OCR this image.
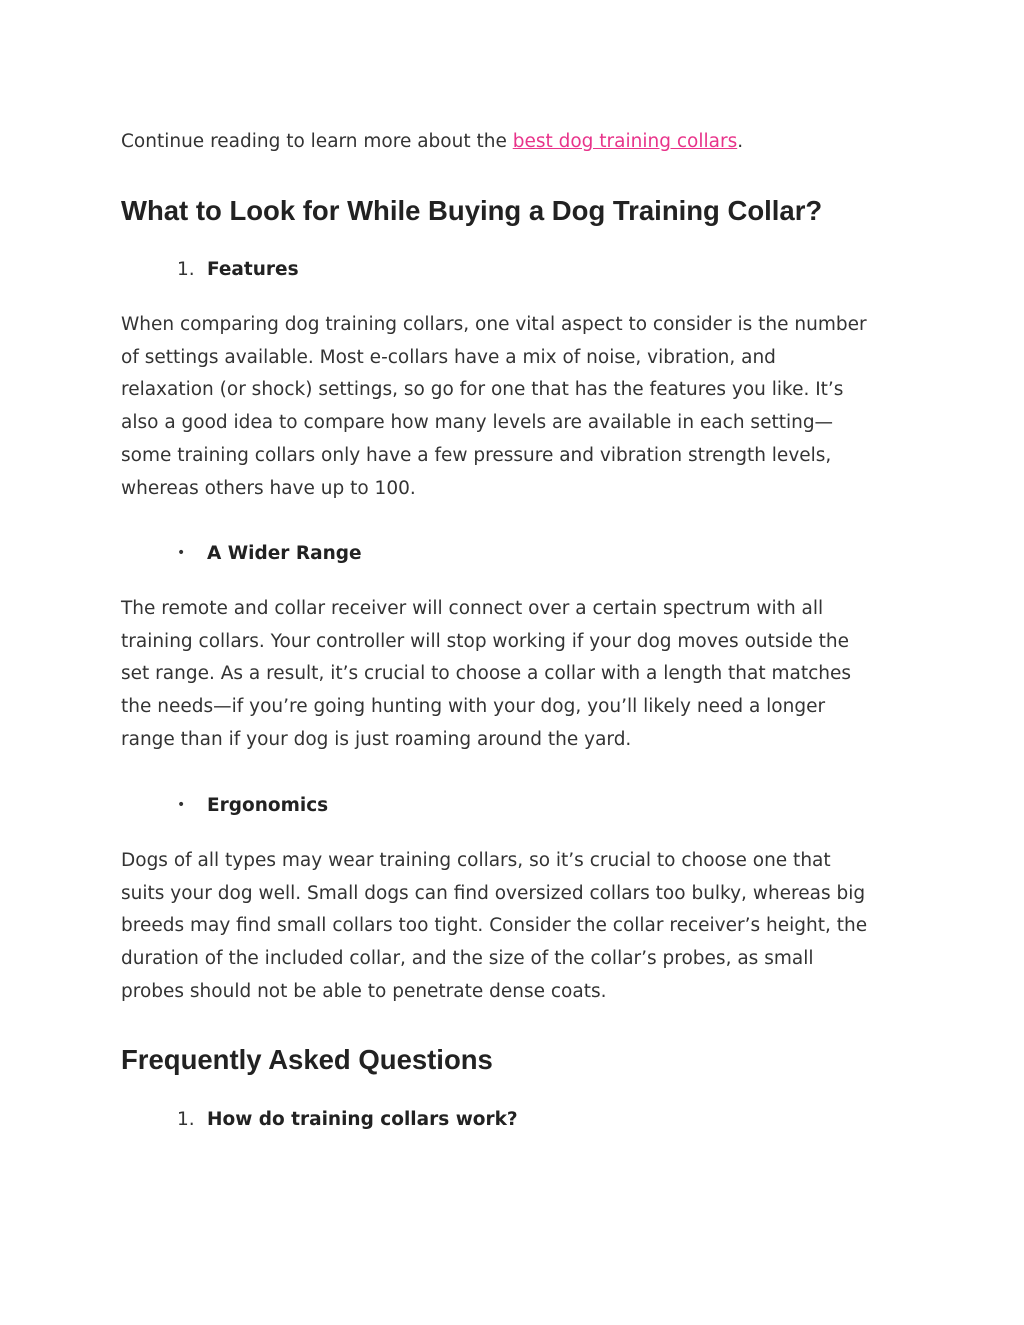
Continue reading to learn more about the best dog training collars.
What to Look for While Buying a Dog Training Collar?
1. Features
When comparing dog training collars, one vital aspect to consider is the number
of settings available. Most e-collars have a mix of noise, vibration, and
relaxation (or shock) settings, so go for one that has the features you like. It’s
also a good idea to compare how many levels are available in each setting—
some training collars only have a few pressure and vibration strength levels,
whereas others have up to 100.
• A Wider Range
The remote and collar receiver will connect over a certain spectrum with all
training collars. Your controller will stop working if your dog moves outside the
set range. As a result, it’s crucial to choose a collar with a length that matches
the needs—if you’re going hunting with your dog, you’ll likely need a longer
range than if your dog is just roaming around the yard.
• Ergonomics
Dogs of all types may wear training collars, so it’s crucial to choose one that
suits your dog well. Small dogs can find oversized collars too bulky, whereas big
breeds may find small collars too tight. Consider the collar receiver’s height, the
duration of the included collar, and the size of the collar’s probes, as small
probes should not be able to penetrate dense coats.
Frequently Asked Questions
1. How do training collars work?
